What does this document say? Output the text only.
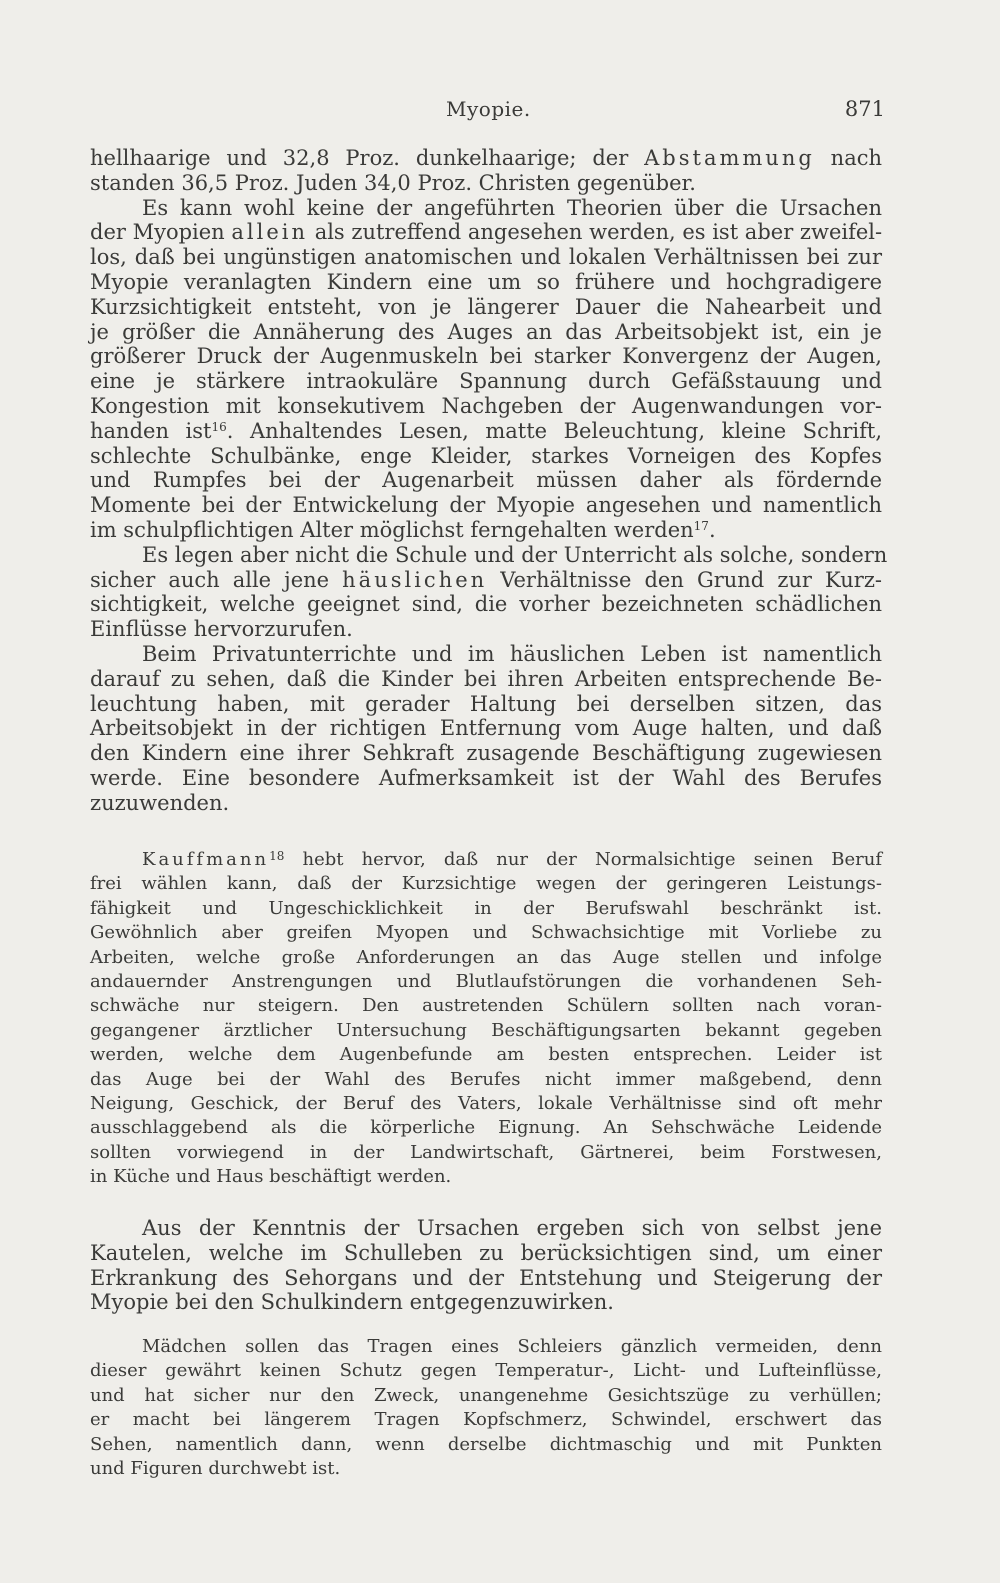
Myopie.	871
hellhaarige und 32,8 Proz. dunkelhaarige; der Abstammung nach
standen 36,5 Proz. Juden 34,0 Proz. Christen gegenüber.
Es kann wohl keine der angeführten Theorien über die Ursachen
der Myopien allein als zutreffend angesehen werden, es ist aber zweifel-
los, daß bei ungünstigen anatomischen und lokalen Verhältnissen bei zur
Myopie veranlagten Kindern eine um so frühere und hochgradigere
Kurzsichtigkeit entsteht, von je längerer Dauer die Nahearbeit und
je größer die Annäherung des Auges an das Arbeitsobjekt ist, ein je
größerer Druck der Augenmuskeln bei starker Konvergenz der Augen,
eine je stärkere intraokuläre Spannung durch Gefäßstauung und
Kongestion mit konsekutivem Nachgeben der Augenwandungen vor-
handen ist$^{16}$. Anhaltendes Lesen, matte Beleuchtung, kleine Schrift,
schlechte Schulbänke, enge Kleider, starkes Vorneigen des Kopfes
und Rumpfes bei der Augenarbeit müssen daher als fördernde
Momente bei der Entwickelung der Myopie angesehen und namentlich
im schulpflichtigen Alter möglichst ferngehalten werden$^{17}$.
Es legen aber nicht die Schule und der Unterricht als solche, sondern
sicher auch alle jene häuslichen Verhältnisse den Grund zur Kurz-
sichtigkeit, welche geeignet sind, die vorher bezeichneten schädlichen
Einflüsse hervorzurufen.
Beim Privatunterrichte und im häuslichen Leben ist namentlich
darauf zu sehen, daß die Kinder bei ihren Arbeiten entsprechende Be-
leuchtung haben, mit gerader Haltung bei derselben sitzen, das
Arbeitsobjekt in der richtigen Entfernung vom Auge halten, und daß
den Kindern eine ihrer Sehkraft zusagende Beschäftigung zugewiesen
werde. Eine besondere Aufmerksamkeit ist der Wahl des Berufes
zuzuwenden.
Kauffmann$^{18}$ hebt hervor, daß nur der Normalsichtige seinen Beruf
frei wählen kann, daß der Kurzsichtige wegen der geringeren Leistungs-
fähigkeit und Ungeschicklichkeit in der Berufswahl beschränkt ist.
Gewöhnlich aber greifen Myopen und Schwachsichtige mit Vorliebe zu
Arbeiten, welche große Anforderungen an das Auge stellen und infolge
andauernder Anstrengungen und Blutlaufstörungen die vorhandenen Seh-
schwäche nur steigern. Den austretenden Schülern sollten nach voran-
gegangener ärztlicher Untersuchung Beschäftigungsarten bekannt gegeben
werden, welche dem Augenbefunde am besten entsprechen. Leider ist
das Auge bei der Wahl des Berufes nicht immer maßgebend, denn
Neigung, Geschick, der Beruf des Vaters, lokale Verhältnisse sind oft mehr
ausschlaggebend als die körperliche Eignung. An Sehschwäche Leidende
sollten vorwiegend in der Landwirtschaft, Gärtnerei, beim Forstwesen,
in Küche und Haus beschäftigt werden.
Aus der Kenntnis der Ursachen ergeben sich von selbst jene
Kautelen, welche im Schulleben zu berücksichtigen sind, um einer
Erkrankung des Sehorgans und der Entstehung und Steigerung der
Myopie bei den Schulkindern entgegenzuwirken.
Mädchen sollen das Tragen eines Schleiers gänzlich vermeiden, denn
dieser gewährt keinen Schutz gegen Temperatur-, Licht- und Lufteinflüsse,
und hat sicher nur den Zweck, unangenehme Gesichtszüge zu verhüllen;
er macht bei längerem Tragen Kopfschmerz, Schwindel, erschwert das
Sehen, namentlich dann, wenn derselbe dichtmaschig und mit Punkten
und Figuren durchwebt ist.
